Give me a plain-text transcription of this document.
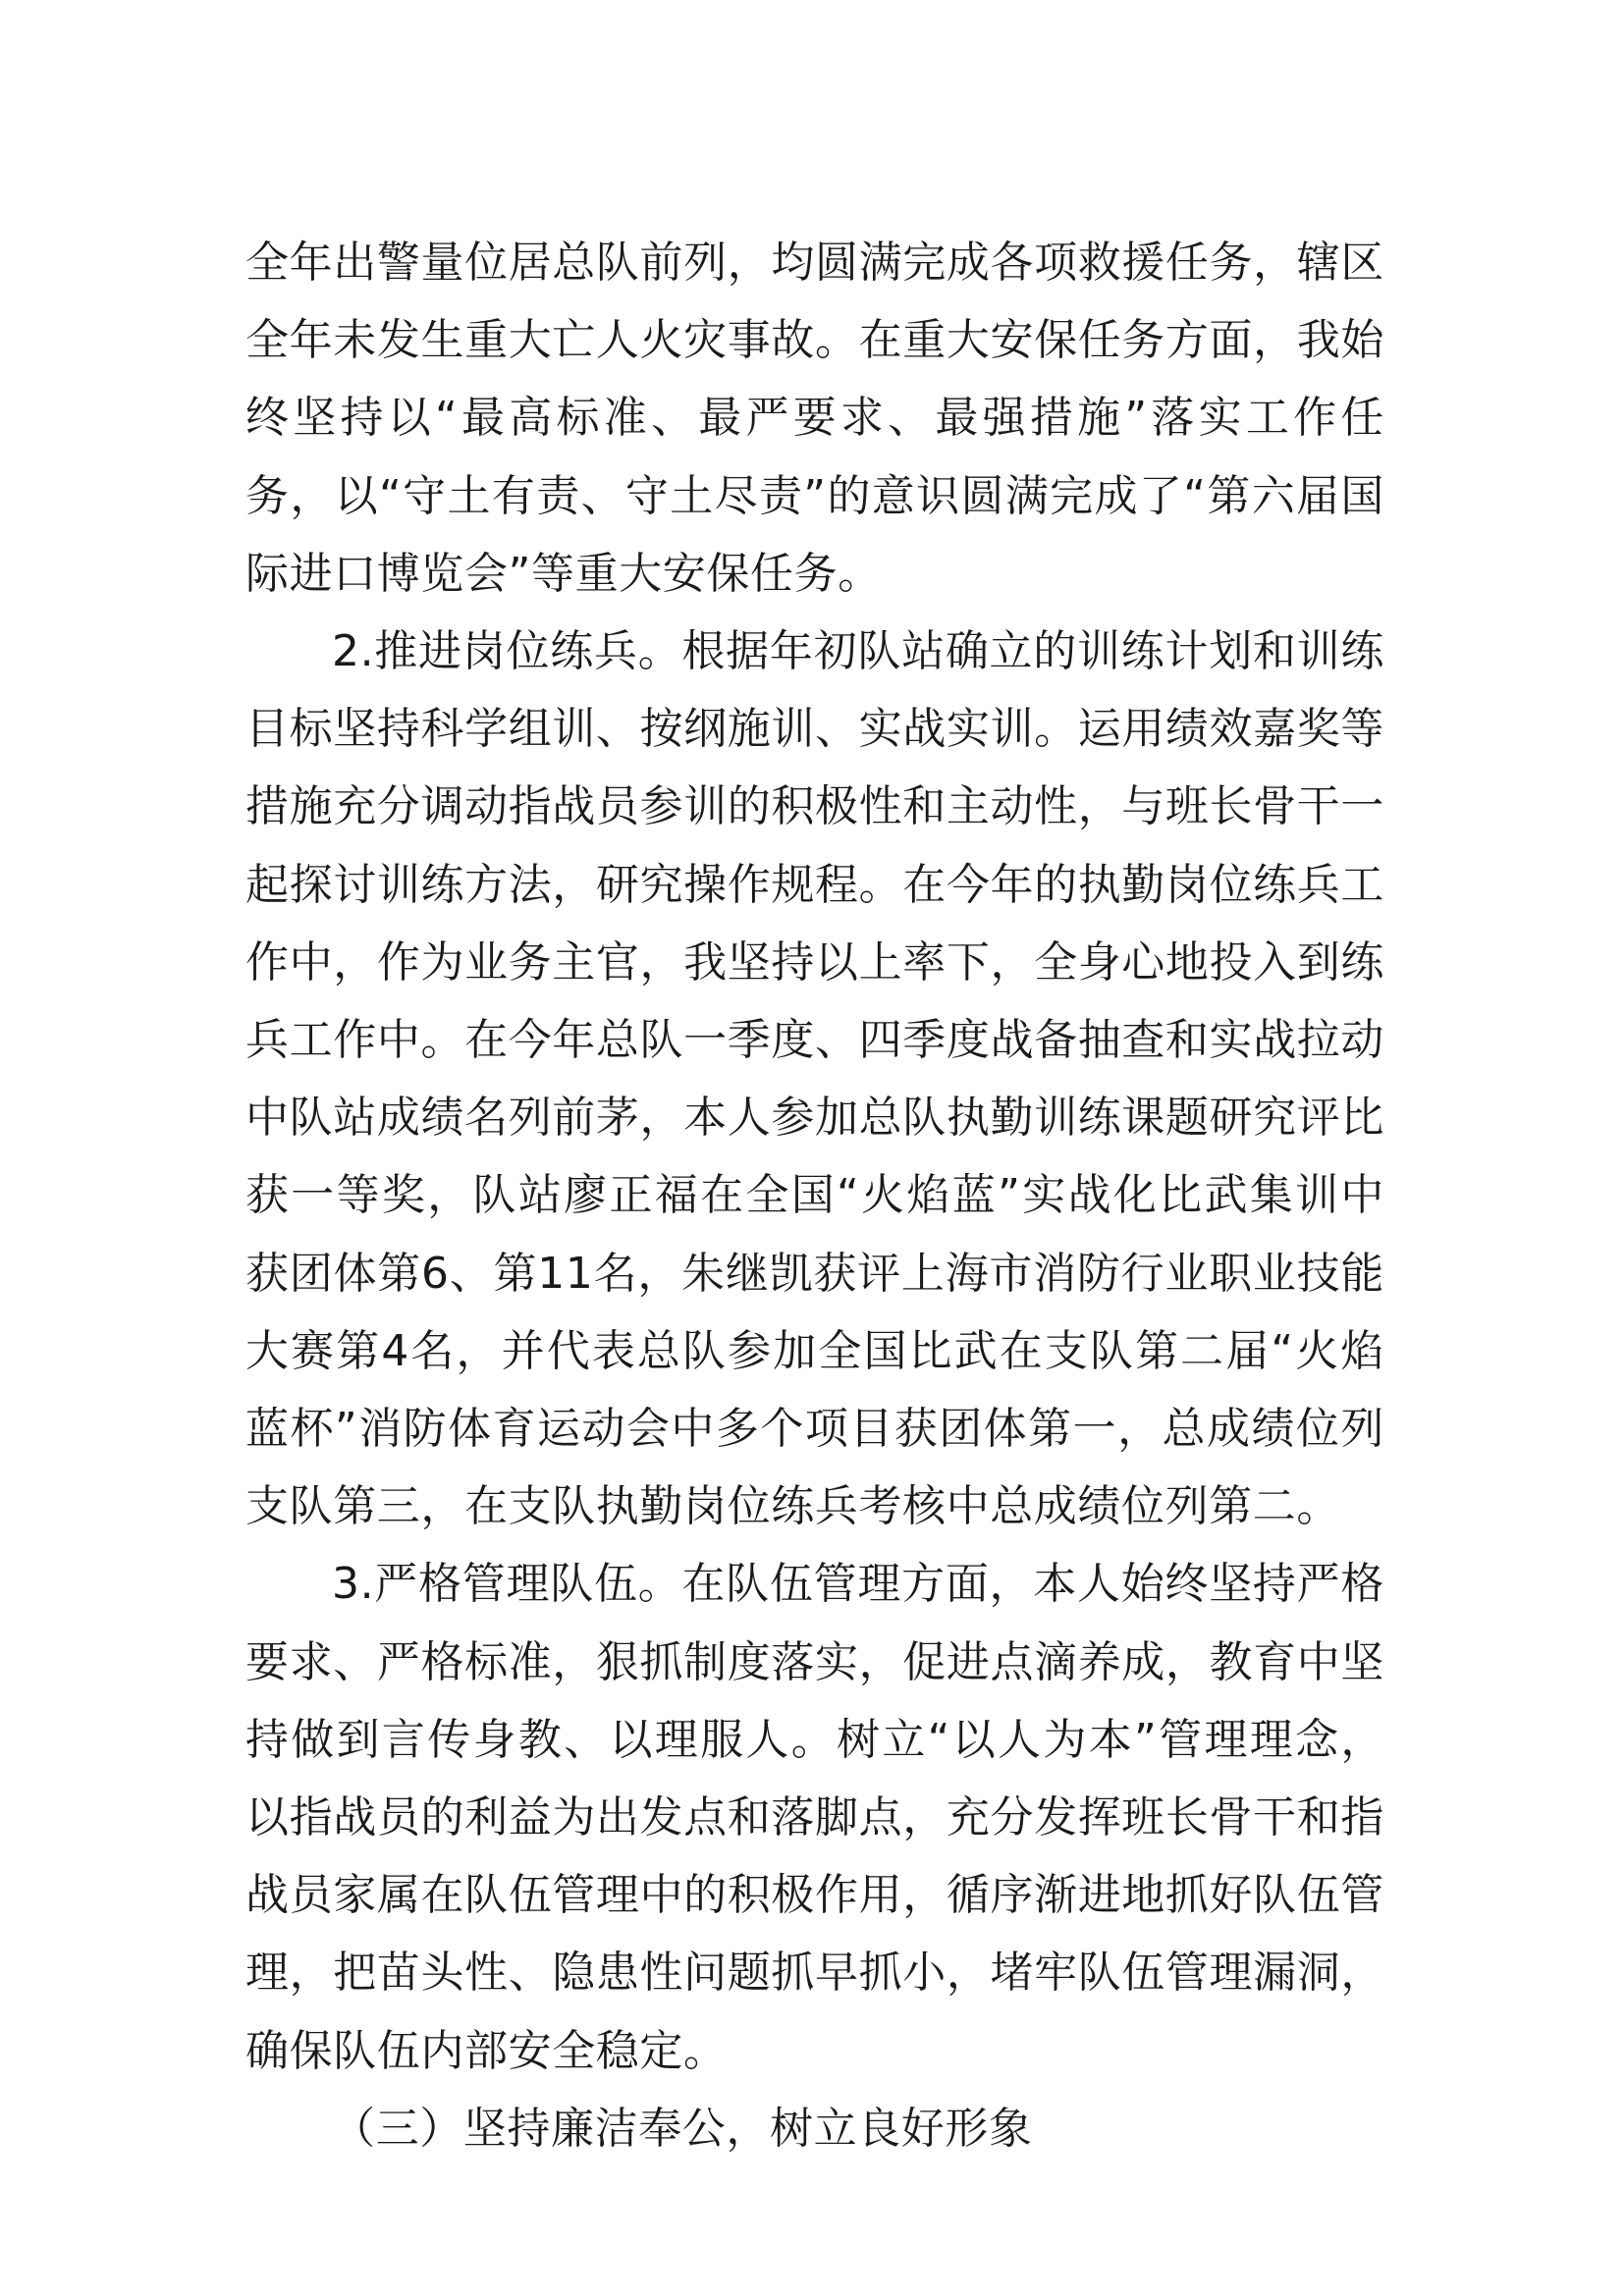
全年出警量位居总队前列，均圆满完成各项救援任务，辖区全年未发生重大亡人火灾事故。在重大安保任务方面，我始终坚持以“最高标准、最严要求、最强措施”落实工作任务，以“守土有责、守土尽责”的意识圆满完成了“第六届国际进口博览会”等重大安保任务。

2.推进岗位练兵。根据年初队站确立的训练计划和训练目标坚持科学组训、按纲施训、实战实训。运用绩效嘉奖等措施充分调动指战员参训的积极性和主动性，与班长骨干一起探讨训练方法，研究操作规程。在今年的执勤岗位练兵工作中，作为业务主官，我坚持以上率下，全身心地投入到练兵工作中。在今年总队一季度、四季度战备抽查和实战拉动中队站成绩名列前茅，本人参加总队执勤训练课题研究评比获一等奖，队站廖正福在全国“火焰蓝”实战化比武集训中获团体第6、第11名，朱继凯获评上海市消防行业职业技能大赛第4名，并代表总队参加全国比武在支队第二届“火焰蓝杯”消防体育运动会中多个项目获团体第一，总成绩位列支队第三，在支队执勤岗位练兵考核中总成绩位列第二。

3.严格管理队伍。在队伍管理方面，本人始终坚持严格要求、严格标准，狠抓制度落实，促进点滴养成，教育中坚持做到言传身教、以理服人。树立“以人为本”管理理念，以指战员的利益为出发点和落脚点，充分发挥班长骨干和指战员家属在队伍管理中的积极作用，循序渐进地抓好队伍管理，把苗头性、隐患性问题抓早抓小，堵牢队伍管理漏洞，确保队伍内部安全稳定。

（三）坚持廉洁奉公，树立良好形象
